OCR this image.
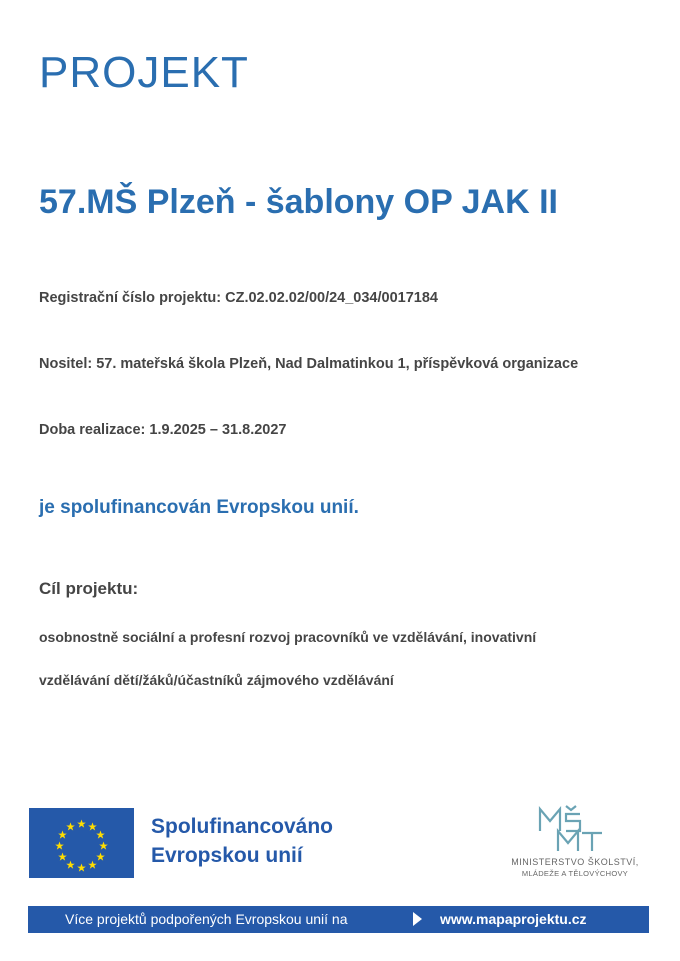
PROJEKT
57.MŠ Plzeň - šablony OP JAK II
Registrační číslo projektu: CZ.02.02.02/00/24_034/0017184
Nositel: 57. mateřská škola Plzeň, Nad Dalmatinkou 1, příspěvková organizace
Doba realizace: 1.9.2025 – 31.8.2027
je spolufinancován Evropskou unií.
Cíl projektu:
osobnostně sociální a profesní rozvoj pracovníků ve vzdělávání, inovativní
vzdělávání dětí/žáků/účastníků zájmového vzdělávání
Spolufinancováno
Evropskou unií	MINISTERSTVO ŠKOLSTVÍ,
MLÁDEŽE A TĚLOVÝCHOVY
Více projektů podpořených Evropskou unií na	www.mapaprojektu.cz
